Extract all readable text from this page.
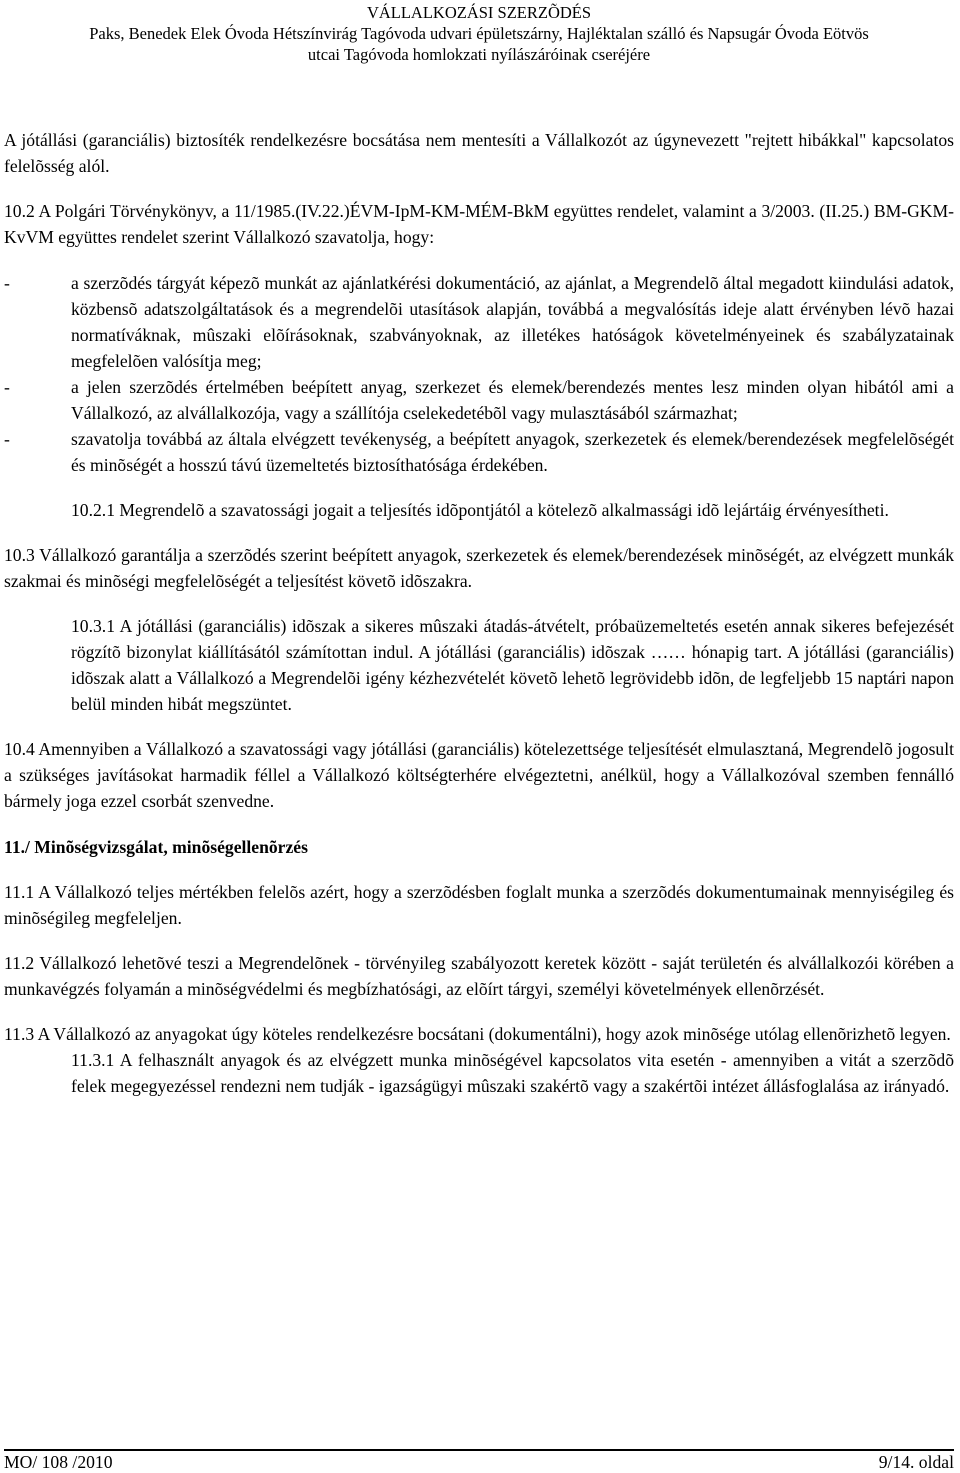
VÁLLALKOZÁSI SZERZÕDÉS
Paks, Benedek Elek Óvoda Hétszínvirág Tagóvoda udvari épületszárny, Hajléktalan szálló és Napsugár Óvoda Eötvös
utcai Tagóvoda homlokzati nyílászáróinak cseréjére

A jótállási (garanciális) biztosíték rendelkezésre bocsátása nem mentesíti a Vállalkozót az úgynevezett "rejtett hibákkal" kapcsolatos felelõsség alól.

10.2 A Polgári Törvénykönyv, a 11/1985.(IV.22.)ÉVM-IpM-KM-MÉM-BkM együttes rendelet, valamint a 3/2003. (II.25.) BM-GKM-KvVM együttes rendelet szerint Vállalkozó szavatolja, hogy:

-	a szerzõdés tárgyát képezõ munkát az ajánlatkérési dokumentáció, az ajánlat, a Megrendelõ által megadott kiindulási adatok, közbensõ adatszolgáltatások és a megrendelõi utasítások alapján, továbbá a megvalósítás ideje alatt érvényben lévõ hazai normatíváknak, mûszaki elõírásoknak, szabványoknak, az illetékes hatóságok követelményeinek és szabályzatainak megfelelõen valósítja meg;

-	a jelen szerzõdés értelmében beépített anyag, szerkezet és elemek/berendezés mentes lesz minden olyan hibától ami a Vállalkozó, az alvállalkozója, vagy a szállítója cselekedetébõl vagy mulasztásából származhat;

-	szavatolja továbbá az általa elvégzett tevékenység, a beépített anyagok, szerkezetek és elemek/berendezések megfelelõségét és minõségét a hosszú távú üzemeltetés biztosíthatósága érdekében.

10.2.1 Megrendelõ a szavatossági jogait a teljesítés idõpontjától a kötelezõ alkalmassági idõ lejártáig érvényesítheti.

10.3 Vállalkozó garantálja a szerzõdés szerint beépített anyagok, szerkezetek és elemek/berendezések minõségét, az elvégzett munkák szakmai és minõségi megfelelõségét a teljesítést követõ idõszakra.

10.3.1 A jótállási (garanciális) idõszak a sikeres mûszaki átadás-átvételt, próbaüzemeltetés esetén annak sikeres befejezését rögzítõ bizonylat kiállításától számítottan indul. A jótállási (garanciális) idõszak …… hónapig tart. A jótállási (garanciális) idõszak alatt a Vállalkozó a Megrendelõi igény kézhezvételét követõ lehetõ legrövidebb idõn, de legfeljebb 15 naptári napon belül minden hibát megszüntet.

10.4 Amennyiben a Vállalkozó a szavatossági vagy jótállási (garanciális) kötelezettsége teljesítését elmulasztaná, Megrendelõ jogosult a szükséges javításokat harmadik féllel a Vállalkozó költségterhére elvégeztetni, anélkül, hogy a Vállalkozóval szemben fennálló bármely joga ezzel csorbát szenvedne.

11./ Minõségvizsgálat, minõségellenõrzés

11.1 A Vállalkozó teljes mértékben felelõs azért, hogy a szerzõdésben foglalt munka a szerzõdés dokumentumainak mennyiségileg és minõségileg megfeleljen.

11.2 Vállalkozó lehetõvé teszi a Megrendelõnek - törvényileg szabályozott keretek között - saját területén és alvállalkozói körében a munkavégzés folyamán a minõségvédelmi és megbízhatósági, az elõírt tárgyi, személyi követelmények ellenõrzését.

11.3 A Vállalkozó az anyagokat úgy köteles rendelkezésre bocsátani (dokumentálni), hogy azok minõsége utólag ellenõrizhetõ legyen.

11.3.1 A felhasznált anyagok és az elvégzett munka minõségével kapcsolatos vita esetén - amennyiben a vitát a szerzõdõ felek megegyezéssel rendezni nem tudják - igazságügyi mûszaki szakértõ vagy a szakértõi intézet állásfoglalása az irányadó.

MO/ 108 /2010	9/14. oldal
